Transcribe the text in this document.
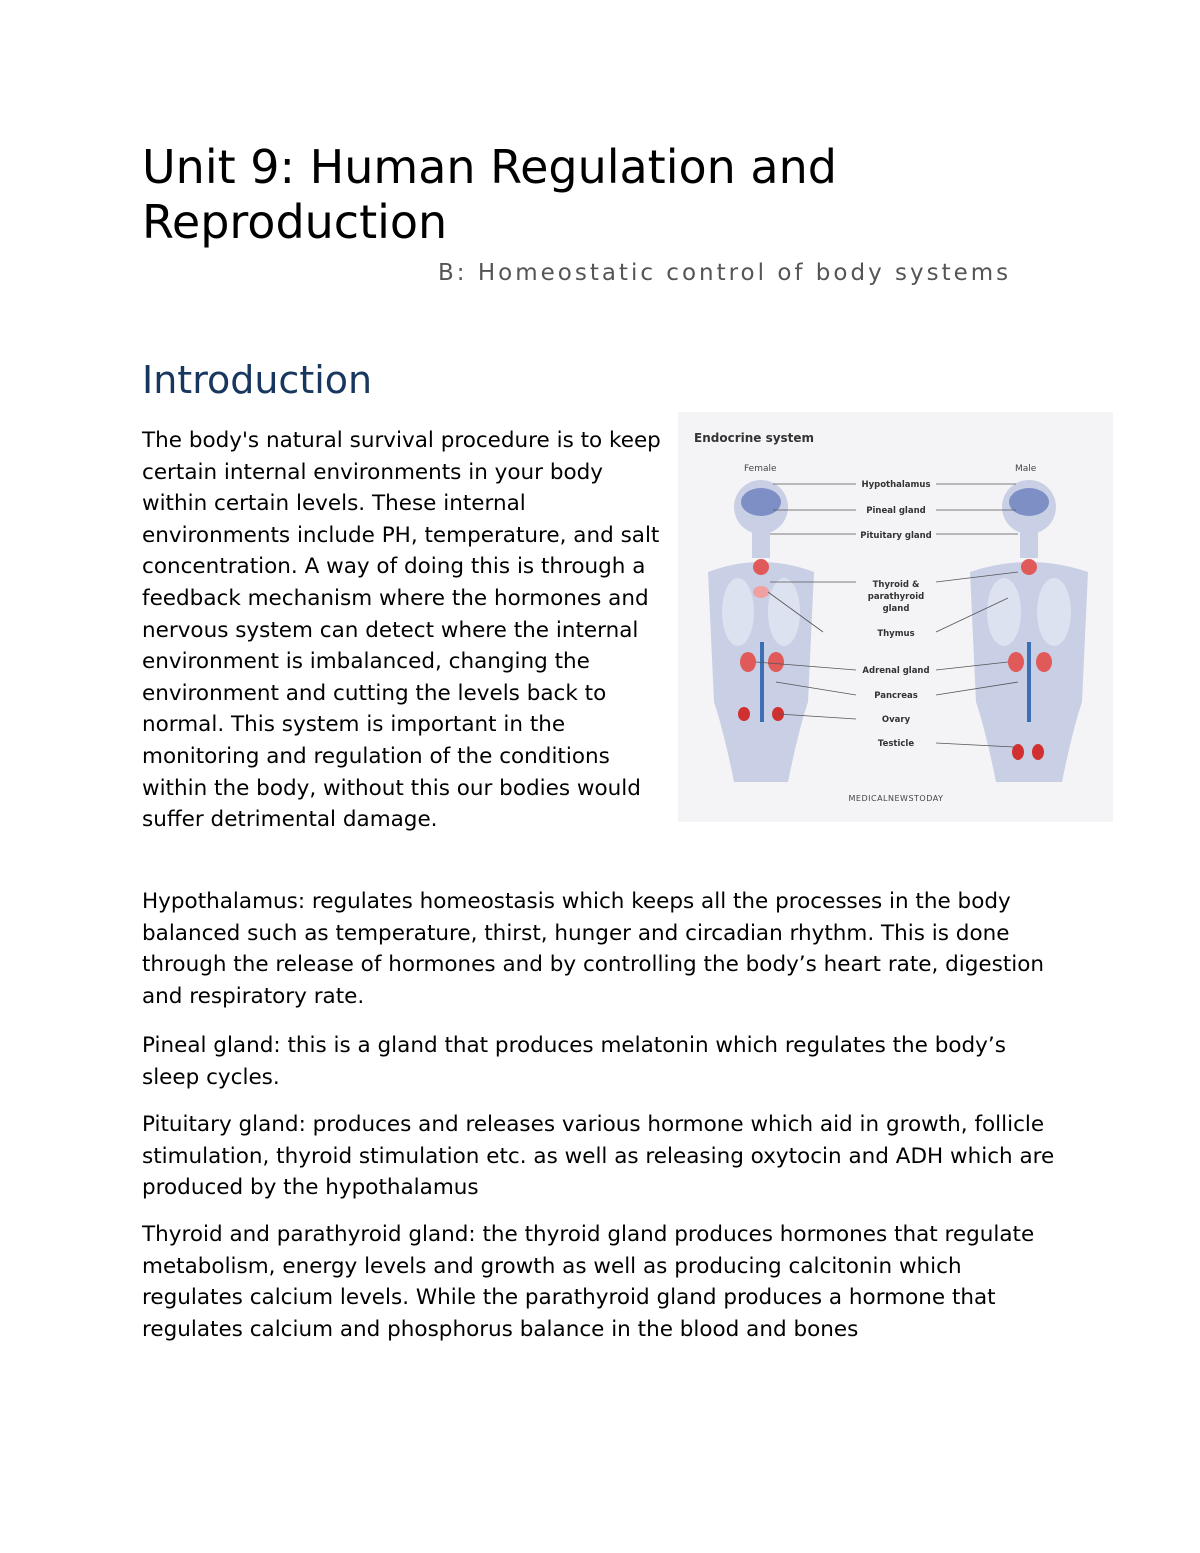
Unit 9: Human Regulation and Reproduction

B: Homeostatic control of body systems

Introduction

The body's natural survival procedure is to keep certain internal environments in your body within certain levels. These internal environments include PH, temperature, and salt concentration. A way of doing this is through a feedback mechanism where the hormones and nervous system can detect where the internal environment is imbalanced, changing the environment and cutting the levels back to normal. This system is important in the monitoring and regulation of the conditions within the body, without this our bodies would suffer detrimental damage.

Endocrine system
Female	Male
Hypothalamus
Pineal gland
Pituitary gland
Thyroid &
parathyroid
gland
Thymus
Adrenal gland
Pancreas
Ovary
Testicle
MEDICALNEWSTODAY

Hypothalamus: regulates homeostasis which keeps all the processes in the body balanced such as temperature, thirst, hunger and circadian rhythm. This is done through the release of hormones and by controlling the body’s heart rate, digestion and respiratory rate.

Pineal gland: this is a gland that produces melatonin which regulates the body’s sleep cycles.

Pituitary gland: produces and releases various hormone which aid in growth, follicle stimulation, thyroid stimulation etc. as well as releasing oxytocin and ADH which are produced by the hypothalamus

Thyroid and parathyroid gland: the thyroid gland produces hormones that regulate metabolism, energy levels and growth as well as producing calcitonin which regulates calcium levels. While the parathyroid gland produces a hormone that regulates calcium and phosphorus balance in the blood and bones
